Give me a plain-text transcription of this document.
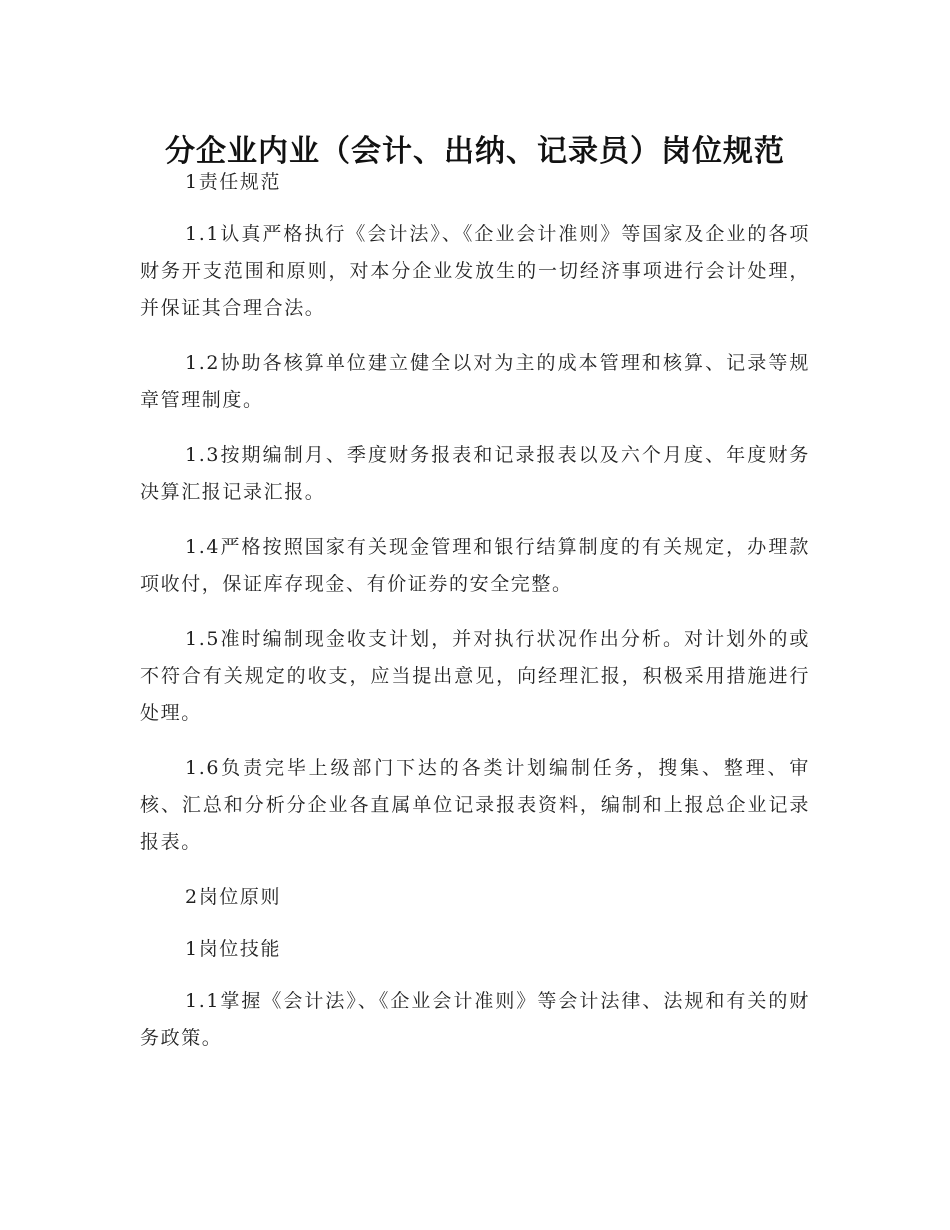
分企业内业（会计、出纳、记录员）岗位规范

1责任规范

1.1认真严格执行《会计法》、《企业会计准则》等国家及企业的各项财务开支范围和原则，对本分企业发放生的一切经济事项进行会计处理，并保证其合理合法。

1.2协助各核算单位建立健全以对为主的成本管理和核算、记录等规章管理制度。

1.3按期编制月、季度财务报表和记录报表以及六个月度、年度财务决算汇报记录汇报。

1.4严格按照国家有关现金管理和银行结算制度的有关规定，办理款项收付，保证库存现金、有价证券的安全完整。

1.5准时编制现金收支计划，并对执行状况作出分析。对计划外的或不符合有关规定的收支，应当提出意见，向经理汇报，积极采用措施进行处理。

1.6负责完毕上级部门下达的各类计划编制任务，搜集、整理、审核、汇总和分析分企业各直属单位记录报表资料，编制和上报总企业记录报表。

2岗位原则

1岗位技能

1.1掌握《会计法》、《企业会计准则》等会计法律、法规和有关的财务政策。
